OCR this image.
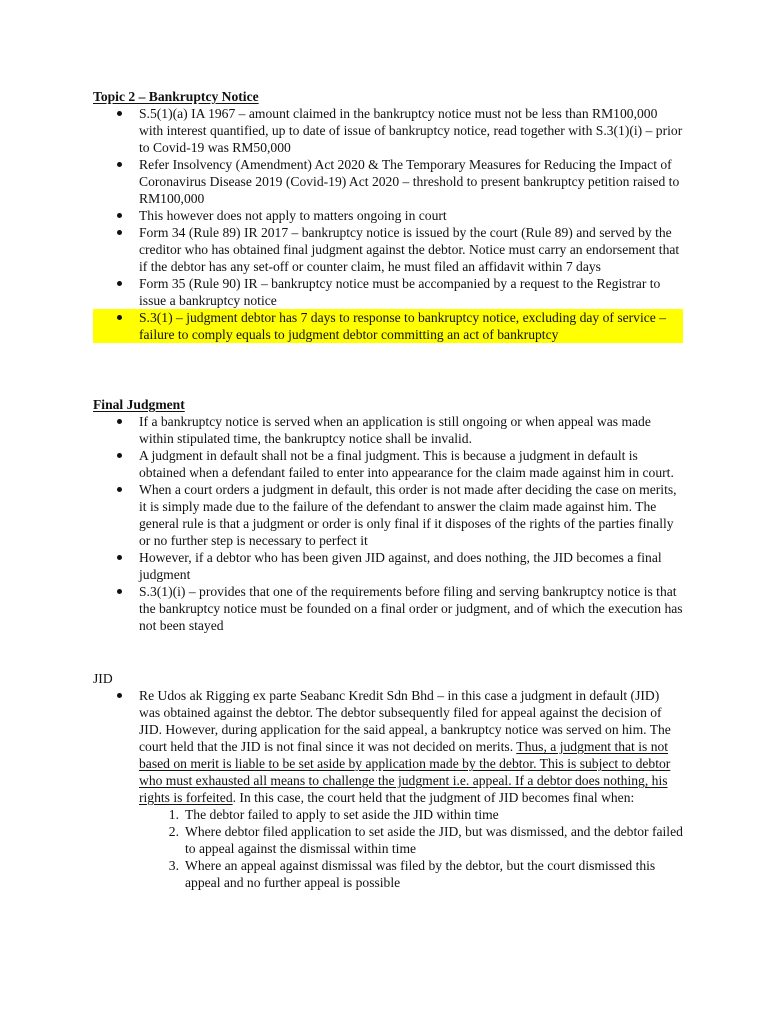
Topic 2 – Bankruptcy Notice

S.5(1)(a) IA 1967 – amount claimed in the bankruptcy notice must not be less than RM100,000 with interest quantified, up to date of issue of bankruptcy notice, read together with S.3(1)(i) – prior to Covid-19 was RM50,000
Refer Insolvency (Amendment) Act 2020 & The Temporary Measures for Reducing the Impact of Coronavirus Disease 2019 (Covid-19) Act 2020 – threshold to present bankruptcy petition raised to RM100,000
This however does not apply to matters ongoing in court
Form 34 (Rule 89) IR 2017 – bankruptcy notice is issued by the court (Rule 89) and served by the creditor who has obtained final judgment against the debtor. Notice must carry an endorsement that if the debtor has any set-off or counter claim, he must filed an affidavit within 7 days
Form 35 (Rule 90) IR – bankruptcy notice must be accompanied by a request to the Registrar to issue a bankruptcy notice
S.3(1) – judgment debtor has 7 days to response to bankruptcy notice, excluding day of service – failure to comply equals to judgment debtor committing an act of bankruptcy

Final Judgment

If a bankruptcy notice is served when an application is still ongoing or when appeal was made within stipulated time, the bankruptcy notice shall be invalid.
A judgment in default shall not be a final judgment. This is because a judgment in default is obtained when a defendant failed to enter into appearance for the claim made against him in court.
When a court orders a judgment in default, this order is not made after deciding the case on merits, it is simply made due to the failure of the defendant to answer the claim made against him. The general rule is that a judgment or order is only final if it disposes of the rights of the parties finally or no further step is necessary to perfect it
However, if a debtor who has been given JID against, and does nothing, the JID becomes a final judgment
S.3(1)(i) – provides that one of the requirements before filing and serving bankruptcy notice is that the bankruptcy notice must be founded on a final order or judgment, and of which the execution has not been stayed

JID

Re Udos ak Rigging ex parte Seabanc Kredit Sdn Bhd – in this case a judgment in default (JID) was obtained against the debtor. The debtor subsequently filed for appeal against the decision of JID. However, during application for the said appeal, a bankruptcy notice was served on him. The court held that the JID is not final since it was not decided on merits. Thus, a judgment that is not based on merit is liable to be set aside by application made by the debtor. This is subject to debtor who must exhausted all means to challenge the judgment i.e. appeal. If a debtor does nothing, his rights is forfeited. In this case, the court held that the judgment of JID becomes final when:
1. The debtor failed to apply to set aside the JID within time
2. Where debtor filed application to set aside the JID, but was dismissed, and the debtor failed to appeal against the dismissal within time
3. Where an appeal against dismissal was filed by the debtor, but the court dismissed this appeal and no further appeal is possible
